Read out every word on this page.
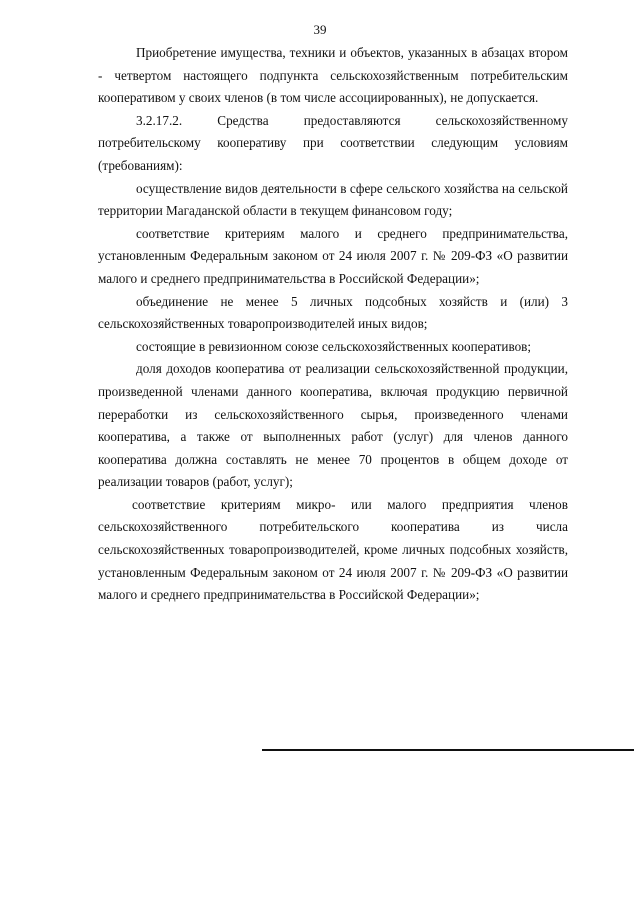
39

Приобретение имущества, техники и объектов, указанных в абзацах втором - четвертом настоящего подпункта сельскохозяйственным потребительским кооперативом у своих членов (в том числе ассоциированных), не допускается.

3.2.17.2. Средства предоставляются сельскохозяйственному потребительскому кооперативу при соответствии следующим условиям (требованиям):

осуществление видов деятельности в сфере сельского хозяйства на сельской территории Магаданской области в текущем финансовом году;

соответствие критериям малого и среднего предпринимательства, установленным Федеральным законом от 24 июля 2007 г. № 209-ФЗ «О развитии малого и среднего предпринимательства в Российской Федерации»;

объединение не менее 5 личных подсобных хозяйств и (или) 3 сельскохозяйственных товаропроизводителей иных видов;

состоящие в ревизионном союзе сельскохозяйственных кооперативов;

доля доходов кооператива от реализации сельскохозяйственной продукции, произведенной членами данного кооператива, включая продукцию первичной переработки из сельскохозяйственного сырья, произведенного членами кооператива, а также от выполненных работ (услуг) для членов данного кооператива должна составлять не менее 70 процентов в общем доходе от реализации товаров (работ, услуг);

соответствие критериям микро- или малого предприятия членов сельскохозяйственного потребительского кооператива из числа сельскохозяйственных товаропроизводителей, кроме личных подсобных хозяйств, установленным Федеральным законом от 24 июля 2007 г. № 209-ФЗ «О развитии малого и среднего предпринимательства в Российской Федерации»;
